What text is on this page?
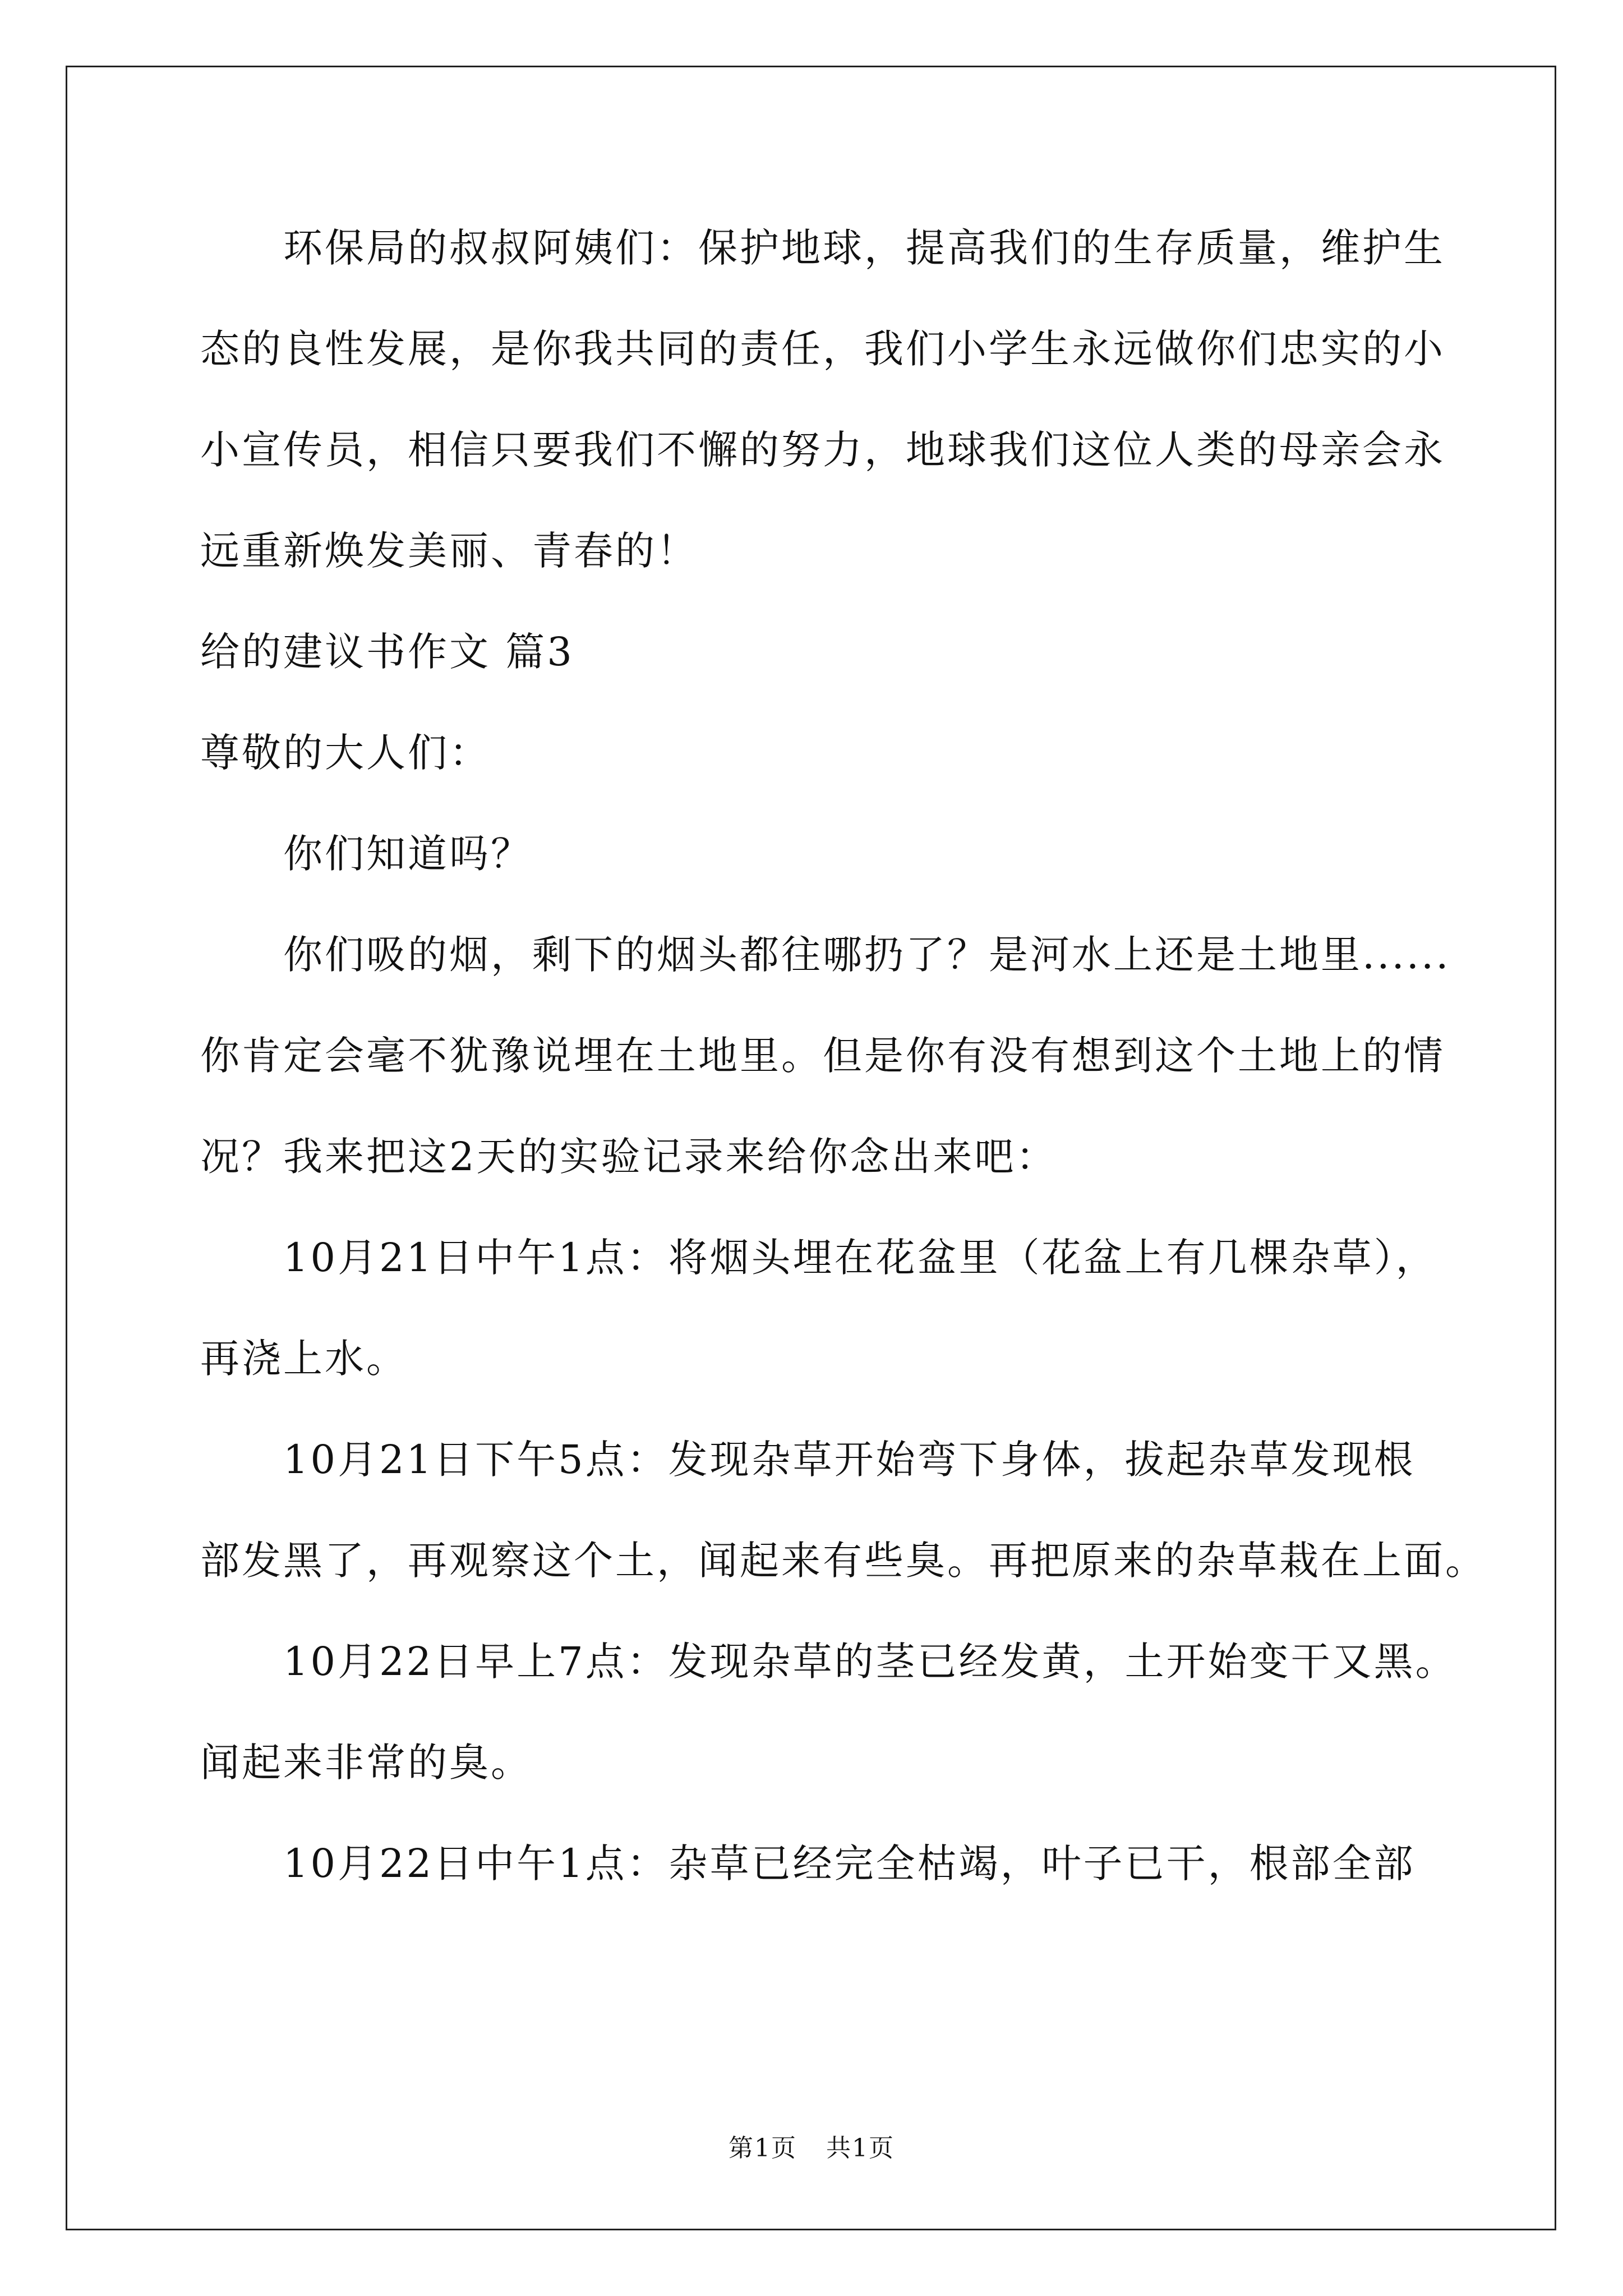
环保局的叔叔阿姨们：保护地球，提高我们的生存质量，维护生
态的良性发展，是你我共同的责任，我们小学生永远做你们忠实的小
小宣传员，相信只要我们不懈的努力，地球我们这位人类的母亲会永
远重新焕发美丽、青春的！
给的建议书作文 篇3
尊敬的大人们：
你们知道吗？
你们吸的烟，剩下的烟头都往哪扔了？是河水上还是土地里......
你肯定会毫不犹豫说埋在土地里。但是你有没有想到这个土地上的情
况？我来把这2天的实验记录来给你念出来吧：
10月21日中午1点：将烟头埋在花盆里（花盆上有几棵杂草），
再浇上水。
10月21日下午5点：发现杂草开始弯下身体，拔起杂草发现根
部发黑了，再观察这个土，闻起来有些臭。再把原来的杂草栽在上面。
10月22日早上7点：发现杂草的茎已经发黄，土开始变干又黑。
闻起来非常的臭。
10月22日中午1点：杂草已经完全枯竭，叶子已干，根部全部
第1页 共1页
